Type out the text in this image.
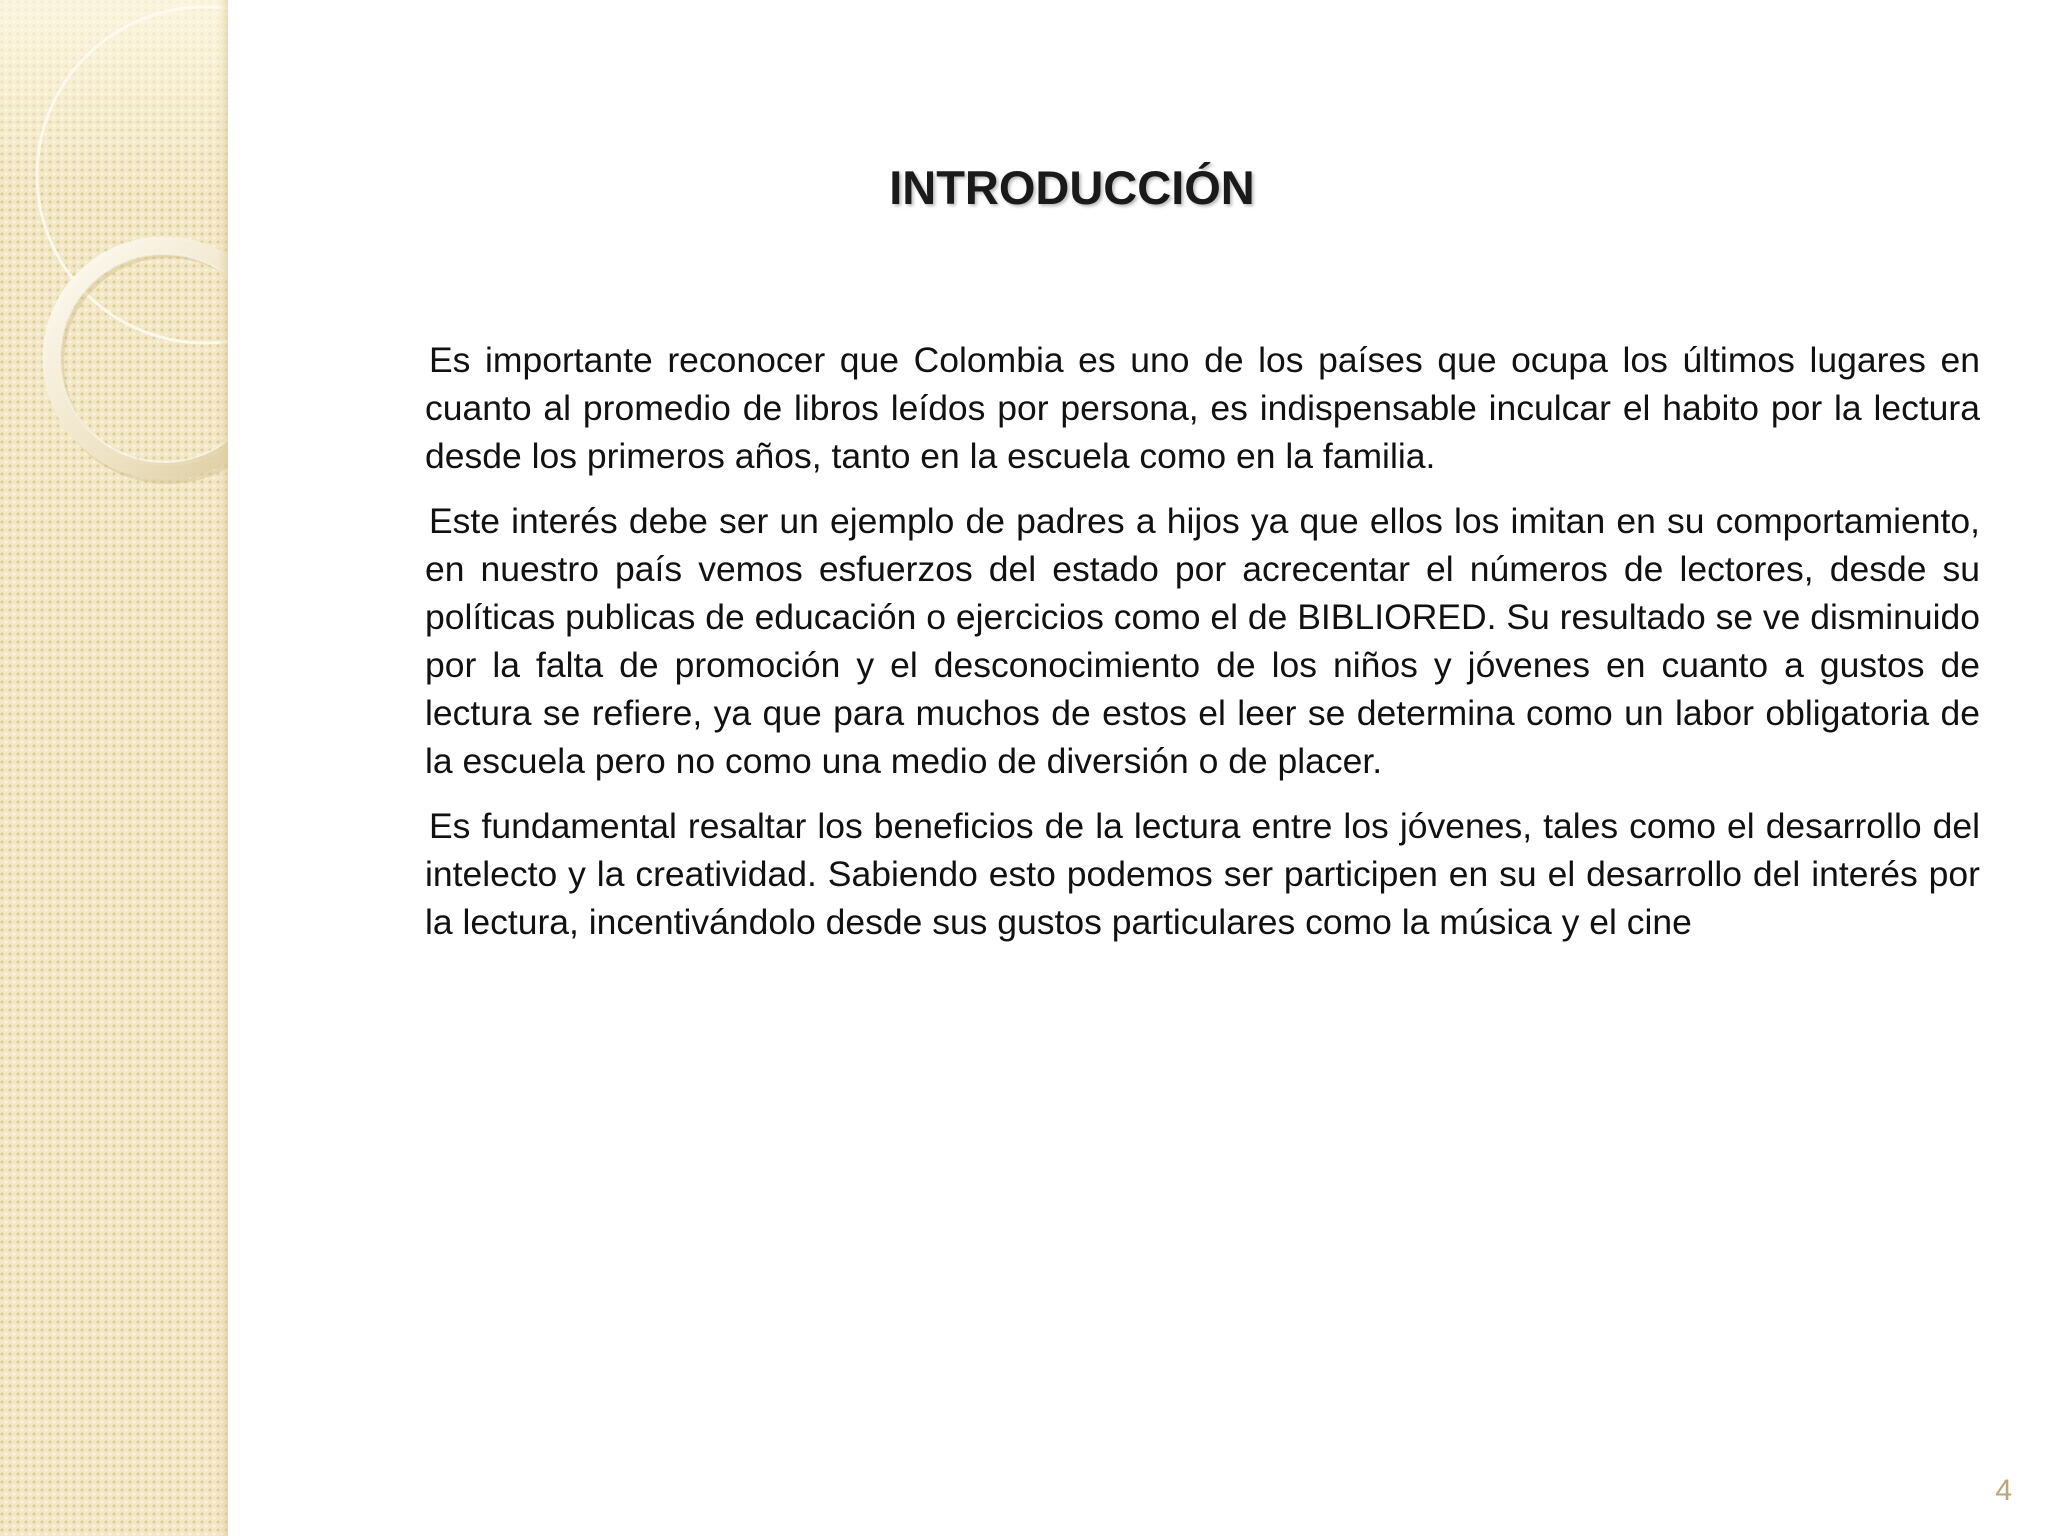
INTRODUCCIÓN

Es importante reconocer que Colombia es uno de los países que ocupa los últimos lugares en cuanto al promedio de libros leídos por persona, es indispensable inculcar el habito por la lectura desde los primeros años, tanto en la escuela como en la familia.

Este interés debe ser un ejemplo de padres a hijos ya que ellos los imitan en su comportamiento, en nuestro país vemos esfuerzos del estado por acrecentar el números de lectores, desde su políticas publicas de educación o ejercicios como el de BIBLIORED. Su resultado se ve disminuido por la falta de promoción y el desconocimiento de los niños y jóvenes en cuanto a gustos de lectura se refiere, ya que para muchos de estos el leer se determina como un labor obligatoria de la escuela pero no como una medio de diversión o de placer.

Es fundamental resaltar los beneficios de la lectura entre los jóvenes, tales como el desarrollo del intelecto y la creatividad. Sabiendo esto podemos ser participen en su el desarrollo del interés por la lectura, incentivándolo desde sus gustos particulares como la música y el cine

4
